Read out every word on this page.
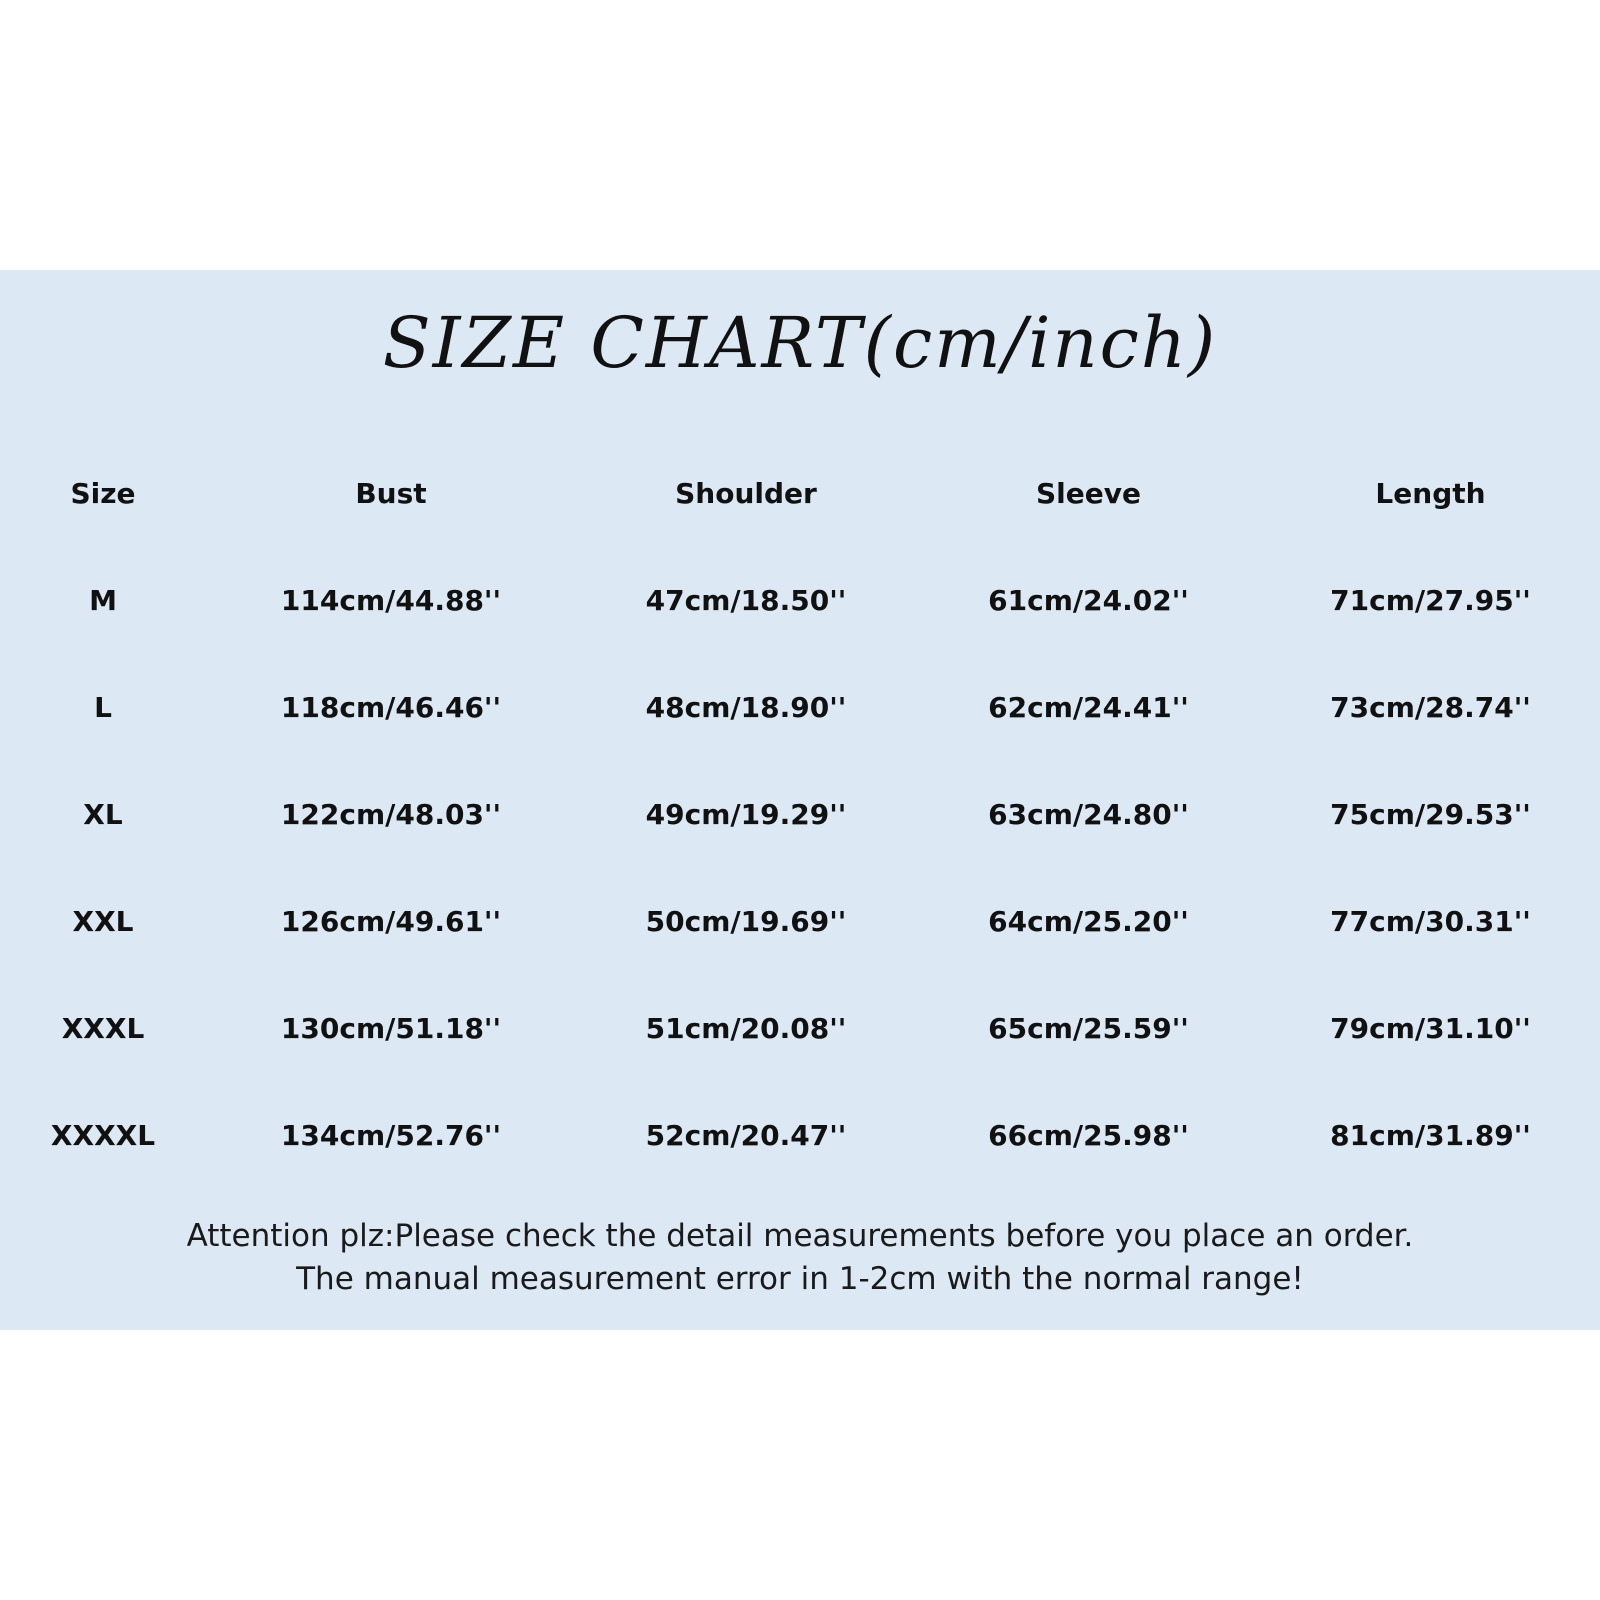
SIZE CHART(cm/inch)
Size	Bust	Shoulder	Sleeve	Length
M	114cm/44.88''	47cm/18.50''	61cm/24.02''	71cm/27.95''
L	118cm/46.46''	48cm/18.90''	62cm/24.41''	73cm/28.74''
XL	122cm/48.03''	49cm/19.29''	63cm/24.80''	75cm/29.53''
XXL	126cm/49.61''	50cm/19.69''	64cm/25.20''	77cm/30.31''
XXXL	130cm/51.18''	51cm/20.08''	65cm/25.59''	79cm/31.10''
XXXXL	134cm/52.76''	52cm/20.47''	66cm/25.98''	81cm/31.89''
Attention plz:Please check the detail measurements before you place an order.
The manual measurement error in 1-2cm with the normal range!
